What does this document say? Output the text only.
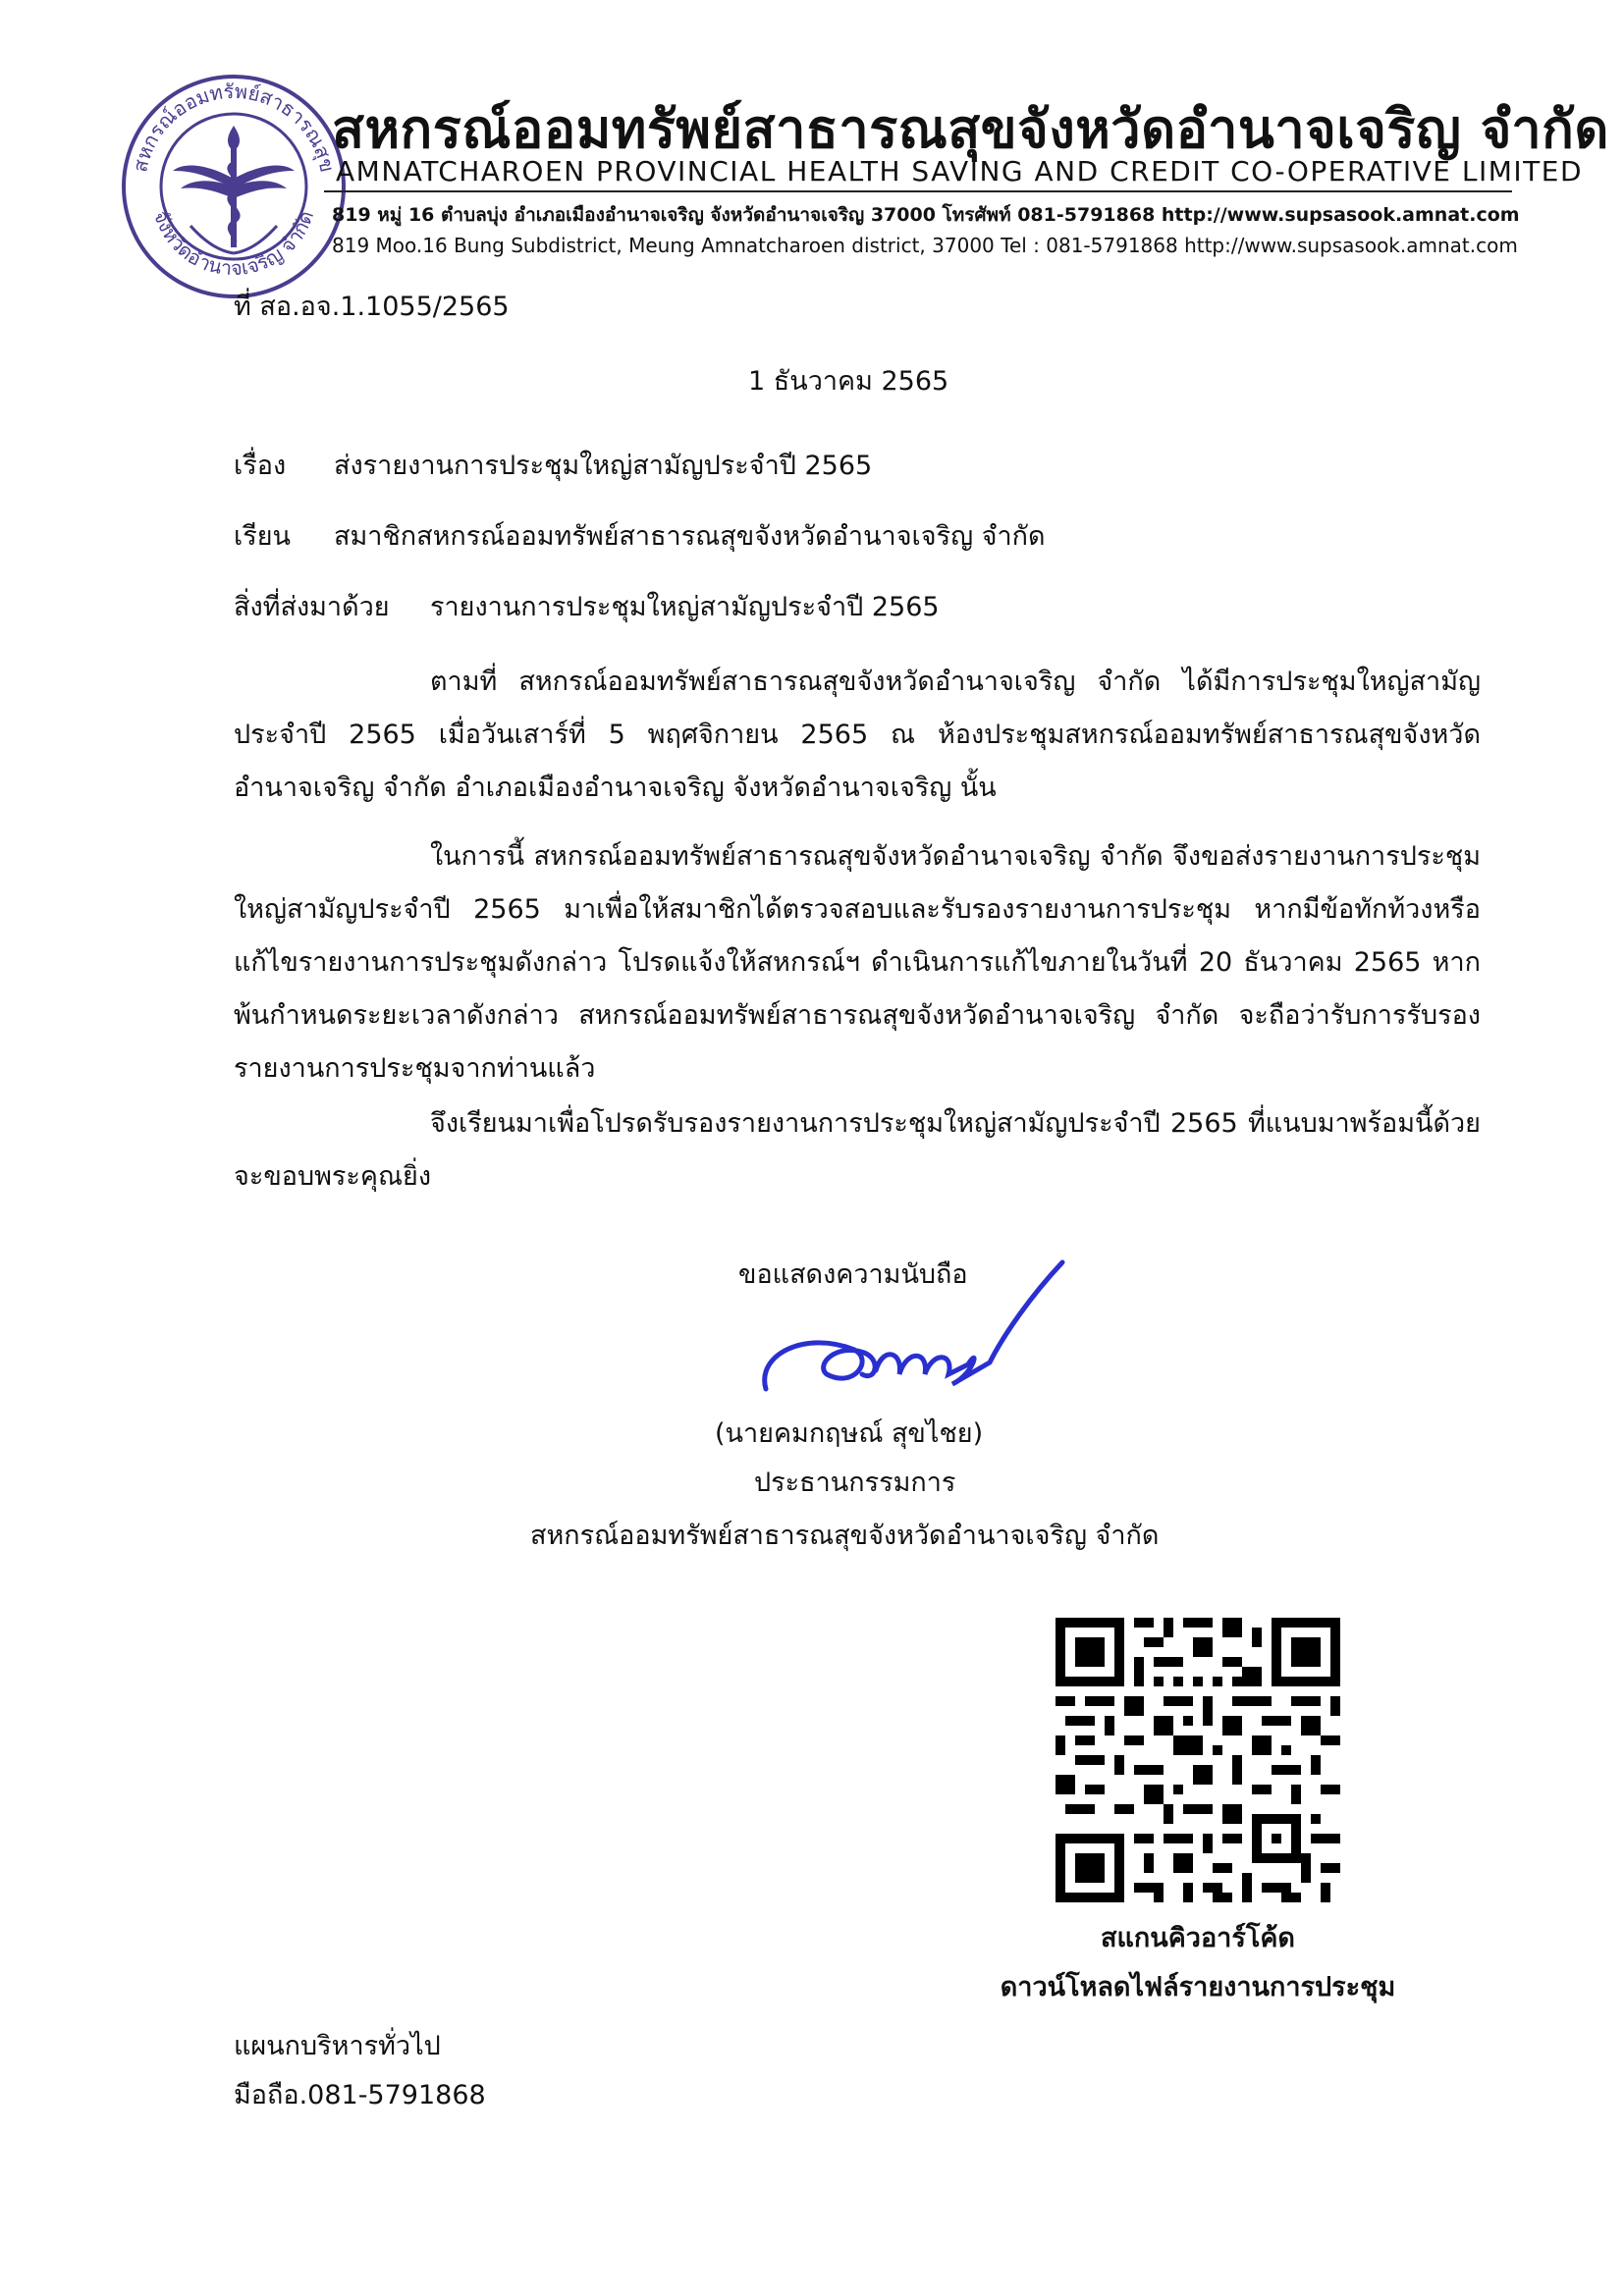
สหกรณ์ออมทรัพย์สาธารณสุข
จังหวัดอำนาจเจริญ จำกัด
สหกรณ์ออมทรัพย์สาธารณสุขจังหวัดอำนาจเจริญ จำกัด
AMNATCHAROEN PROVINCIAL HEALTH SAVING AND CREDIT CO-OPERATIVE LIMITED
819 หมู่ 16 ตำบลบุ่ง อำเภอเมืองอำนาจเจริญ จังหวัดอำนาจเจริญ 37000 โทรศัพท์ 081-5791868 http://www.supsasook.amnat.com
819 Moo.16 Bung Subdistrict, Meung Amnatcharoen district, 37000 Tel : 081-5791868 http://www.supsasook.amnat.com
ที่ สอ.อจ.1.1055/2565
1 ธันวาคม 2565
เรื่อง ส่งรายงานการประชุมใหญ่สามัญประจำปี 2565
เรียน สมาชิกสหกรณ์ออมทรัพย์สาธารณสุขจังหวัดอำนาจเจริญ จำกัด
สิ่งที่ส่งมาด้วย รายงานการประชุมใหญ่สามัญประจำปี 2565
ตามที่ สหกรณ์ออมทรัพย์สาธารณสุขจังหวัดอำนาจเจริญ จำกัด ได้มีการประชุมใหญ่สามัญประจำปี 2565 เมื่อวันเสาร์ที่ 5 พฤศจิกายน 2565 ณ ห้องประชุมสหกรณ์ออมทรัพย์สาธารณสุขจังหวัดอำนาจเจริญ จำกัด อำเภอเมืองอำนาจเจริญ จังหวัดอำนาจเจริญ นั้น
ในการนี้ สหกรณ์ออมทรัพย์สาธารณสุขจังหวัดอำนาจเจริญ จำกัด จึงขอส่งรายงานการประชุมใหญ่สามัญประจำปี 2565 มาเพื่อให้สมาชิกได้ตรวจสอบและรับรองรายงานการประชุม หากมีข้อทักท้วงหรือแก้ไขรายงานการประชุมดังกล่าว โปรดแจ้งให้สหกรณ์ฯ ดำเนินการแก้ไขภายในวันที่ 20 ธันวาคม 2565 หากพ้นกำหนดระยะเวลาดังกล่าว สหกรณ์ออมทรัพย์สาธารณสุขจังหวัดอำนาจเจริญ จำกัด จะถือว่ารับการรับรองรายงานการประชุมจากท่านแล้ว
จึงเรียนมาเพื่อโปรดรับรองรายงานการประชุมใหญ่สามัญประจำปี 2565 ที่แนบมาพร้อมนี้ด้วย จะขอบพระคุณยิ่ง
ขอแสดงความนับถือ
(นายคมกฤษณ์ สุขไชย)
ประธานกรรมการ
สหกรณ์ออมทรัพย์สาธารณสุขจังหวัดอำนาจเจริญ จำกัด
สแกนคิวอาร์โค้ด
ดาวน์โหลดไฟล์รายงานการประชุม
แผนกบริหารทั่วไป
มือถือ.081-5791868
